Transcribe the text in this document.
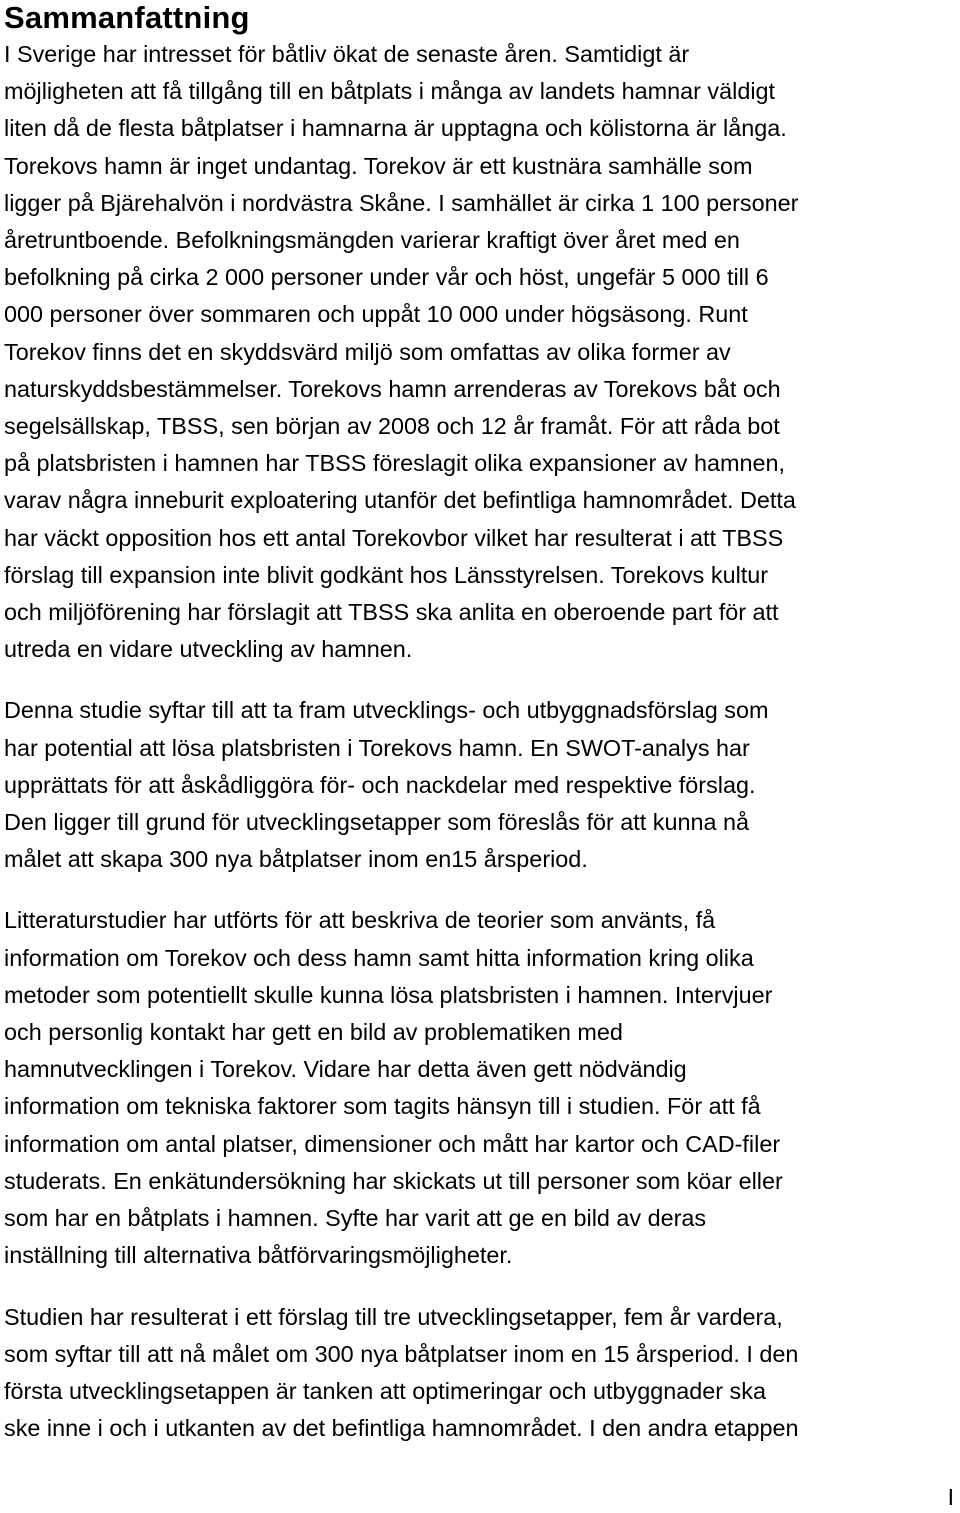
Sammanfattning
I Sverige har intresset för båtliv ökat de senaste åren. Samtidigt är
möjligheten att få tillgång till en båtplats i många av landets hamnar väldigt
liten då de flesta båtplatser i hamnarna är upptagna och kölistorna är långa.
Torekovs hamn är inget undantag. Torekov är ett kustnära samhälle som
ligger på Bjärehalvön i nordvästra Skåne. I samhället är cirka 1 100 personer
åretruntboende. Befolkningsmängden varierar kraftigt över året med en
befolkning på cirka 2 000 personer under vår och höst, ungefär 5 000 till 6
000 personer över sommaren och uppåt 10 000 under högsäsong. Runt
Torekov finns det en skyddsvärd miljö som omfattas av olika former av
naturskyddsbestämmelser. Torekovs hamn arrenderas av Torekovs båt och
segelsällskap, TBSS, sen början av 2008 och 12 år framåt. För att råda bot
på platsbristen i hamnen har TBSS föreslagit olika expansioner av hamnen,
varav några inneburit exploatering utanför det befintliga hamnområdet. Detta
har väckt opposition hos ett antal Torekovbor vilket har resulterat i att TBSS
förslag till expansion inte blivit godkänt hos Länsstyrelsen. Torekovs kultur
och miljöförening har förslagit att TBSS ska anlita en oberoende part för att
utreda en vidare utveckling av hamnen.
Denna studie syftar till att ta fram utvecklings- och utbyggnadsförslag som
har potential att lösa platsbristen i Torekovs hamn. En SWOT-analys har
upprättats för att åskådliggöra för- och nackdelar med respektive förslag.
Den ligger till grund för utvecklingsetapper som föreslås för att kunna nå
målet att skapa 300 nya båtplatser inom en15 årsperiod.
Litteraturstudier har utförts för att beskriva de teorier som använts, få
information om Torekov och dess hamn samt hitta information kring olika
metoder som potentiellt skulle kunna lösa platsbristen i hamnen. Intervjuer
och personlig kontakt har gett en bild av problematiken med
hamnutvecklingen i Torekov. Vidare har detta även gett nödvändig
information om tekniska faktorer som tagits hänsyn till i studien. För att få
information om antal platser, dimensioner och mått har kartor och CAD-filer
studerats. En enkätundersökning har skickats ut till personer som köar eller
som har en båtplats i hamnen. Syfte har varit att ge en bild av deras
inställning till alternativa båtförvaringsmöjligheter.
Studien har resulterat i ett förslag till tre utvecklingsetapper, fem år vardera,
som syftar till att nå målet om 300 nya båtplatser inom en 15 årsperiod. I den
första utvecklingsetappen är tanken att optimeringar och utbyggnader ska
ske inne i och i utkanten av det befintliga hamnområdet. I den andra etappen
I
